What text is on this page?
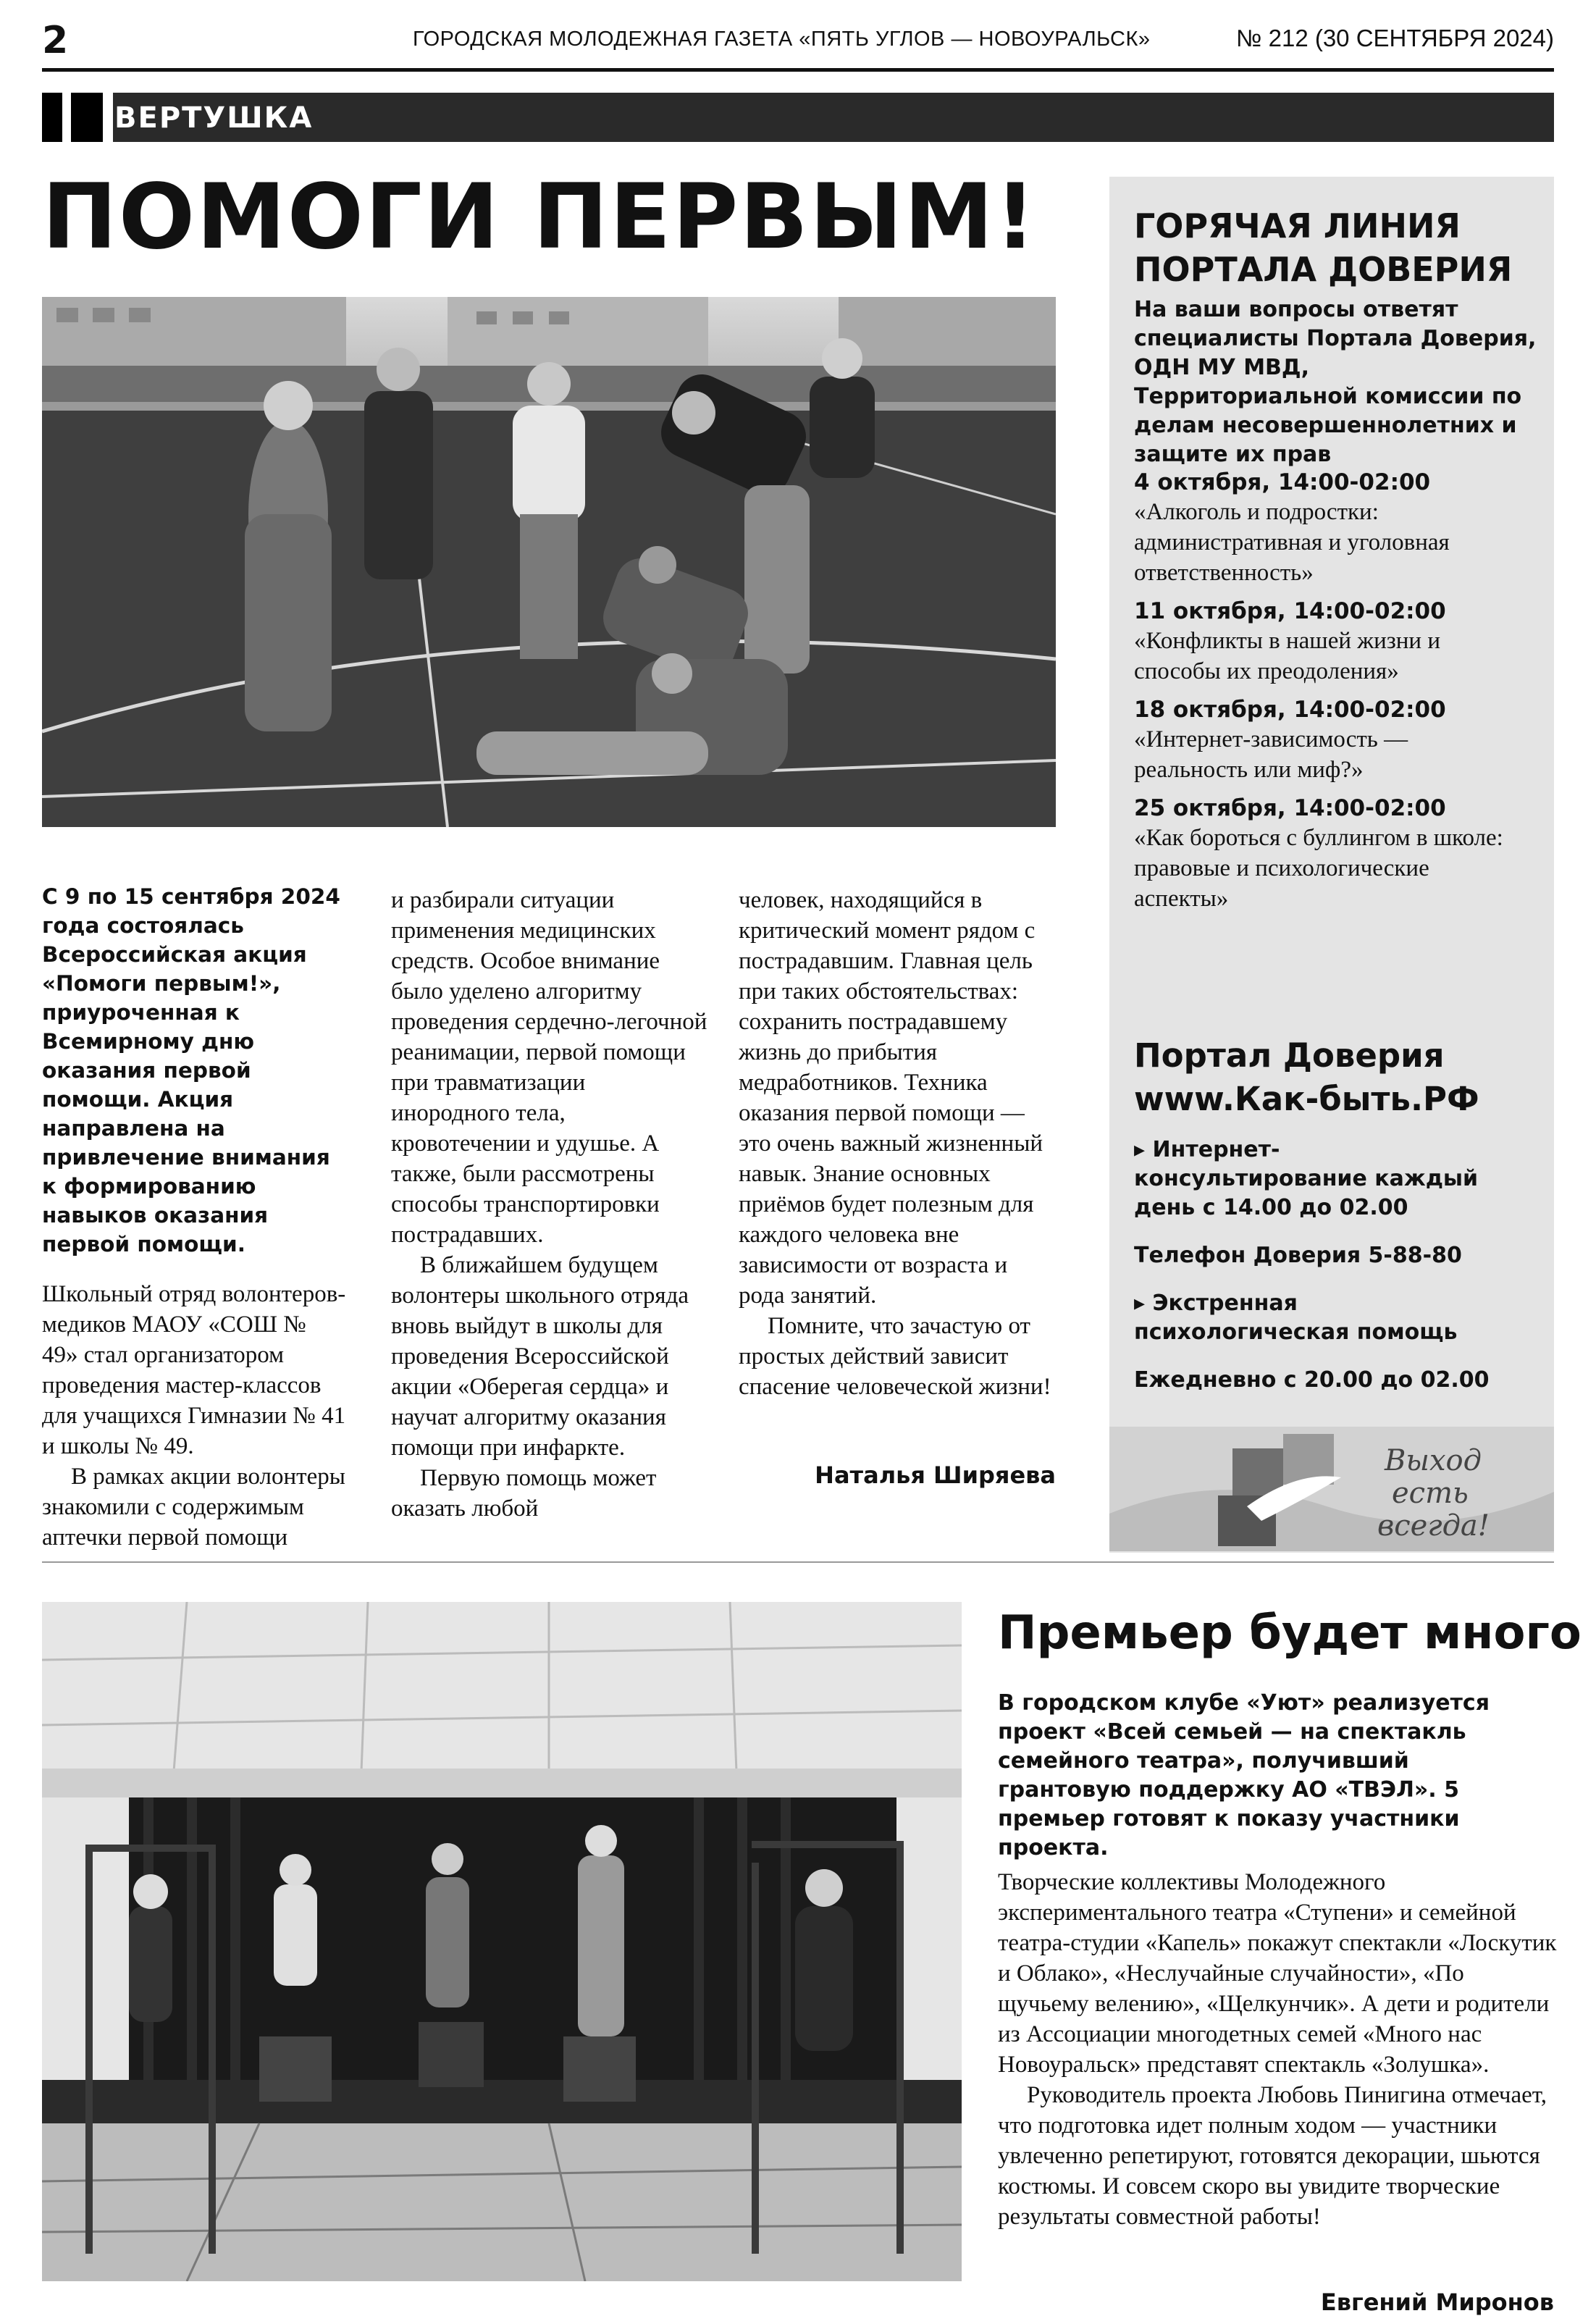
2	ГОРОДСКАЯ МОЛОДЕЖНАЯ ГАЗЕТА «ПЯТЬ УГЛОВ — НОВОУРАЛЬСК»	№ 212 (30 СЕНТЯБРЯ 2024)
ВЕРТУШКА
ПОМОГИ ПЕРВЫМ!

С 9 по 15 сентября 2024 года состоялась Всероссийская акция «Помоги первым!», приуроченная к Всемирному дню оказания первой помощи. Акция направлена на привлечение внимания к формированию навыков оказания первой помощи.

Школьный отряд волонтеров-медиков МАОУ «СОШ № 49» стал организатором проведения мастер-классов для учащихся Гимназии № 41 и школы № 49.

В рамках акции волонтеры знакомили с содержимым аптечки первой помощи

и разбирали ситуации применения медицинских средств. Особое внимание было уделено алгоритму проведения сердечно-легочной реанимации, первой помощи при травматизации инородного тела, кровотечении и удушье. А также, были рассмотрены способы транспортировки пострадавших.

В ближайшем будущем волонтеры школьного отряда вновь выйдут в школы для проведения Всероссийской акции «Оберегая сердца» и научат алгоритму оказания помощи при инфаркте.

Первую помощь может оказать любой

человек, находящийся в критический момент рядом с пострадавшим. Главная цель при таких обстоятельствах: сохранить пострадавшему жизнь до прибытия медработников. Техника оказания первой помощи — это очень важный жизненный навык. Знание основных приёмов будет полезным для каждого человека вне зависимости от возраста и рода занятий.

Помните, что зачастую от простых действий зависит спасение человеческой жизни!

Наталья Ширяева
ГОРЯЧАЯ ЛИНИЯ ПОРТАЛА ДОВЕРИЯ
На ваши вопросы ответят специалисты Портала Доверия, ОДН МУ МВД, Территориальной комиссии по делам несовершеннолетних и защите их прав
4 октября, 14:00-02:00
«Алкоголь и подростки: административная и уголовная ответственность»
11 октября, 14:00-02:00
«Конфликты в нашей жизни и способы их преодоления»
18 октября, 14:00-02:00
«Интернет-зависимость — реальность или миф?»
25 октября, 14:00-02:00
«Как бороться с буллингом в школе: правовые и психологические аспекты»
Портал Доверия
www.Как-быть.РФ
▸ Интернет-консультирование каждый день с 14.00 до 02.00
Телефон Доверия 5-88-80
▸ Экстренная психологическая помощь
Ежедневно с 20.00 до 02.00
Выход
есть
всегда!
Премьер будет много
В городском клубе «Уют» реализуется проект «Всей семьей — на спектакль семейного театра», получивший грантовую поддержку АО «ТВЭЛ». 5 премьер готовят к показу участники проекта.

Творческие коллективы Молодежного экспериментального театра «Ступени» и семейной театра-студии «Капель» покажут спектакли «Лоскутик и Облако», «Неслучайные случайности», «По щучьему велению», «Щелкунчик». А дети и родители из Ассоциации многодетных семей «Много нас Новоуральск» представят спектакль «Золушка».

Руководитель проекта Любовь Пинигина отмечает, что подготовка идет полным ходом — участники увлеченно репетируют, готовятся декорации, шьются костюмы. И совсем скоро вы увидите творческие результаты совместной работы!

Евгений Миронов
